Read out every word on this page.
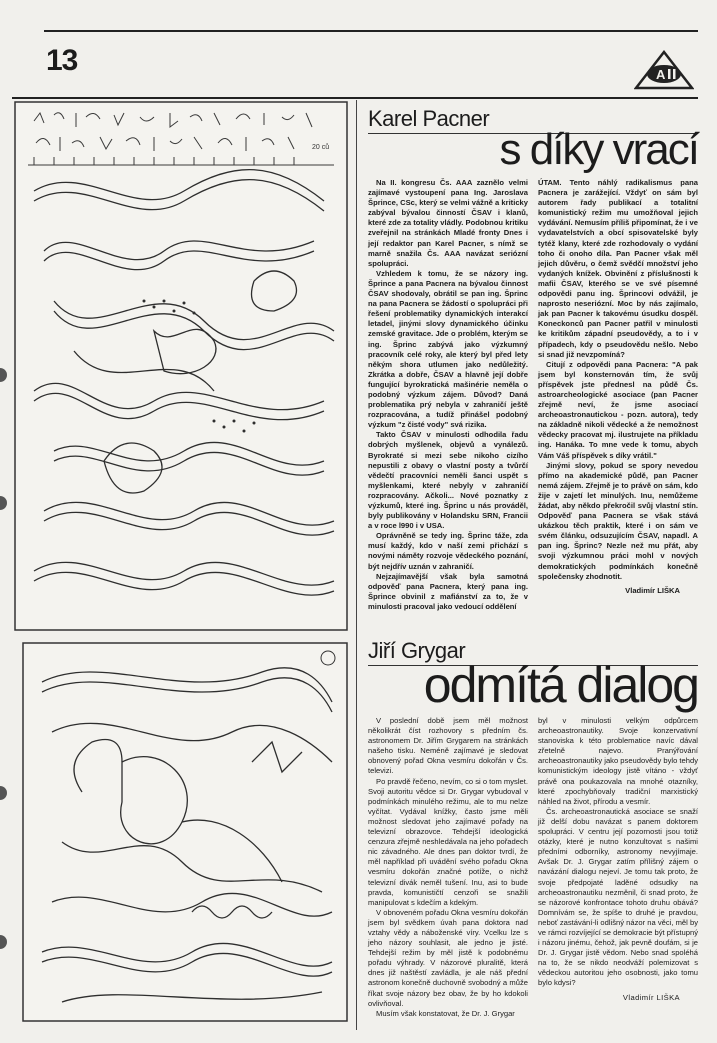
13	A
20 ců
Karel Pacner
s díky vrací

Na II. kongresu Čs. AAA zaznělo velmi zajímavé vystoupení pana Ing. Jaroslava Šprince, CSc, který se velmi vážně a kriticky zabýval bývalou činností ČSAV i klanů, které zde za totality vládly. Podobnou kritiku zveřejnil na stránkách Mladé fronty Dnes i její redaktor pan Karel Pacner, s nímž se marně snažila Čs. AAA navázat seriózní spolupráci.

Vzhledem k tomu, že se názory ing. Šprince a pana Pacnera na bývalou činnost ČSAV shodovaly, obrátil se pan ing. Šprinc na pana Pacnera se žádostí o spolupráci při řešení problematiky dynamických interakcí letadel, jinými slovy dynamického účinku zemské gravitace. Jde o problém, kterým se ing. Šprinc zabývá jako výzkumný pracovník celé roky, ale který byl před lety někým shora utlumen jako nedůležitý. Zkrátka a dobře, ČSAV a hlavně její dobře fungující byrokratická mašinérie neměla o podobný výzkum zájem. Důvod? Daná problematika prý nebyla v zahraničí ještě rozpracována, a tudíž přinášel podobný výzkum "z čisté vody" svá rizika.

Takto ČSAV v minulosti odhodila řadu dobrých myšlenek, objevů a vynálezů. Byrokraté si mezi sebe nikoho cizího nepustili z obavy o vlastní posty a tvůrčí vědečtí pracovníci neměli šanci uspět s myšlenkami, které nebyly v zahraničí rozpracovány. Ačkoli... Nové poznatky z výzkumů, které ing. Šprinc u nás prováděl, byly publikovány v Holandsku SRN, Francii a v roce l990 i v USA.

Oprávněně se tedy ing. Šprinc táže, zda musí každý, kdo v naší zemi přichází s novými náměty rozvoje vědeckého poznání, být nejdřív uznán v zahraničí.

Nejzajímavější však byla samotná odpověď pana Pacnera, který pana ing. Šprince obvinil z mafiánství za to, že v minulosti pracoval jako vedoucí oddělení

ÚTAM. Tento náhlý radikalismus pana Pacnera je zarážející. Vždyť on sám byl autorem řady publikací a totalitní komunistický režim mu umožňoval jejich vydávání. Nemusím příliš připomínat, že i ve vydavatelstvích a obcí spisovatelské byly tytéž klany, které zde rozhodovaly o vydání toho či onoho díla. Pan Pacner však měl jejich důvěru, o čemž svědčí množství jeho vydaných knížek. Obvinění z příslušnosti k mafii ČSAV, kterého se ve své písemné odpovědi panu ing. Šprincovi odvážil, je naprosto neseriózní. Moc by nás zajímalo, jak pan Pacner k takovému úsudku dospěl. Koneckonců pan Pacner patřil v minulosti ke kritikům západní pseudovědy, a to i v případech, kdy o pseudovědu nešlo. Nebo si snad již nevzpomíná?

Citují z odpovědi pana Pacnera: "A pak jsem byl konsternován tím, že svůj příspěvek jste přednesl na půdě Čs. astroarcheologické asociace (pan Pacner zřejmě neví, že jsme asociací archeoastronautickou - pozn. autora), tedy na základně nikoli vědecké a že nemožnost vědecky pracovat mj. ilustrujete na příkladu ing. Hanáka. To mne vede k tomu, abych Vám Váš příspěvek s díky vrátil."

Jinými slovy, pokud se spory nevedou přímo na akademické půdě, pan Pacner nemá zájem. Zřejmě je to právě on sám, kdo žije v zajetí let minulých. Inu, nemůžeme žádat, aby někdo překročil svůj vlastní stín. Odpověď pana Pacnera se však stává ukázkou těch praktik, které i on sám ve svém článku, odsuzujícím ČSAV, napadl. A pan ing. Šprinc? Nezle než mu přát, aby svoji výzkumnou práci mohl v nových demokratických podmínkách konečně společensky zhodnotit.

Vladimír LIŠKA
Jiří Grygar
odmítá dialog

V poslední době jsem měl možnost několikrát číst rozhovory s předním čs. astronomem Dr. Jiřím Grygarem na stránkách našeho tisku. Neméně zajímavé je sledovat obnovený pořad Okna vesmíru dokořán v Čs. televizi.

Po pravdě řečeno, nevím, co si o tom myslet. Svoji autoritu vědce si Dr. Grygar vybudoval v podmínkách minulého režimu, ale to mu nelze vyčítat. Vydával knížky, často jsme měli možnost sledovat jeho zajímavé pořady na televizní obrazovce. Tehdejší ideologická cenzura zřejmě neshledávala na jeho pořadech nic závadného. Ale dnes pan doktor tvrdí, že měl například při uvádění svého pořadu Okna vesmíru dokořán značné potíže, o nichž televizní divák neměl tušení. Inu, asi to bude pravda, komunističtí cenzoři se snažili manipulovat s kdečím a kdekým.

V obnoveném pořadu Okna vesmíru dokořán jsem byl svědkem úvah pana doktora nad vztahy vědy a náboženské víry. Vcelku lze s jeho názory souhlasit, ale jedno je jisté. Tehdejší režim by měl jistě k podobnému pořadu výhrady. V názorové pluralitě, která dnes již naštěstí zavládla, je ale náš přední astronom konečně duchovně svobodný a může říkat svoje názory bez obav, že by ho kdokoli ovlivňoval.

Musím však konstatovat, že Dr. J. Grygar

byl v minulosti velkým odpůrcem archeoastronautiky. Svoje konzervativní stanoviska k této problematice navíc dával zřetelně najevo. Pranýřování archeoastronautiky jako pseudovědy bylo tehdy komunistickým ideology jistě vítáno - vždyť právě ona poukazovala na mnohé otazníky, které zpochybňovaly tradiční marxistický náhled na život, přírodu a vesmír.

Čs. archeoastronautická asociace se snaží již delší dobu navázat s panem doktorem spolupráci. V centru její pozornosti jsou totiž otázky, které je nutno konzultovat s našimi předními odborníky, astronomy nevyjímaje. Avšak Dr. J. Grygar zatím přílišný zájem o navázání dialogu nejeví. Je tomu tak proto, že svoje předpojaté laděné odsudky na archeoastronautiku nezměnil, či snad proto, že se názorové konfrontace tohoto druhu obává? Domnívám se, že spíše to druhé je pravdou, neboť zastávání-li odlišný názor na věci, měl by ve rámci rozvíjející se demokracie být přístupný i názoru jinému, čehož, jak pevně doufám, si je Dr. J. Grygar jistě vědom. Nebo snad spoléhá na to, že se nikdo neodváží polemizovat s vědeckou autoritou jeho osobnosti, jako tomu bylo kdysi?

Vladimír LIŠKA
